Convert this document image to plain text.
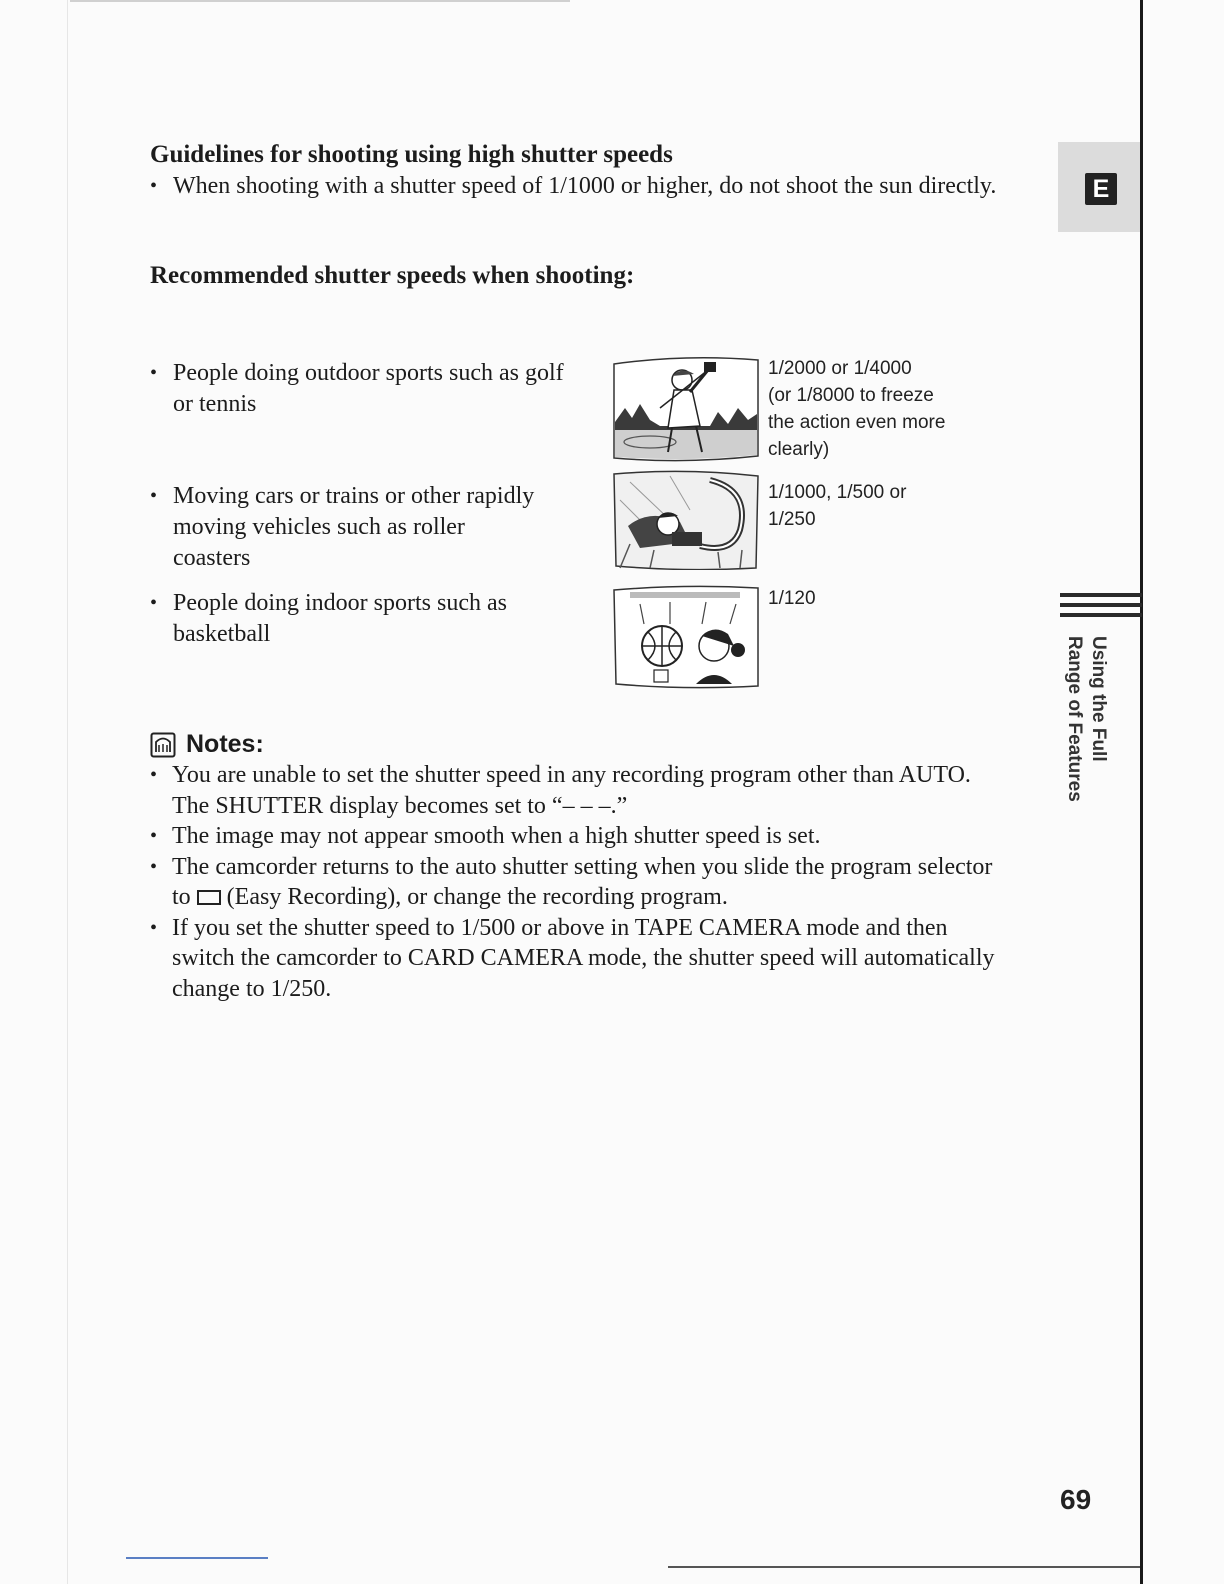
Guidelines for shooting using high shutter speeds
• When shooting with a shutter speed of 1/1000 or higher, do not shoot the sun directly.
Recommended shutter speeds when shooting:
• People doing outdoor sports such as golf or tennis
• Moving cars or trains or other rapidly moving vehicles such as roller coasters
• People doing indoor sports such as basketball
1/2000 or 1/4000
(or 1/8000 to freeze
the action even more
clearly)
1/1000, 1/500 or
1/250
1/120
Notes:
• You are unable to set the shutter speed in any recording program other than AUTO. The SHUTTER display becomes set to “– – –.”
• The image may not appear smooth when a high shutter speed is set.
• The camcorder returns to the auto shutter setting when you slide the program selector to  (Easy Recording), or change the recording program.
• If you set the shutter speed to 1/500 or above in TAPE CAMERA mode and then switch the camcorder to CARD CAMERA mode, the shutter speed will automatically change to 1/250.
E
Using the Full
Range of Features
69
